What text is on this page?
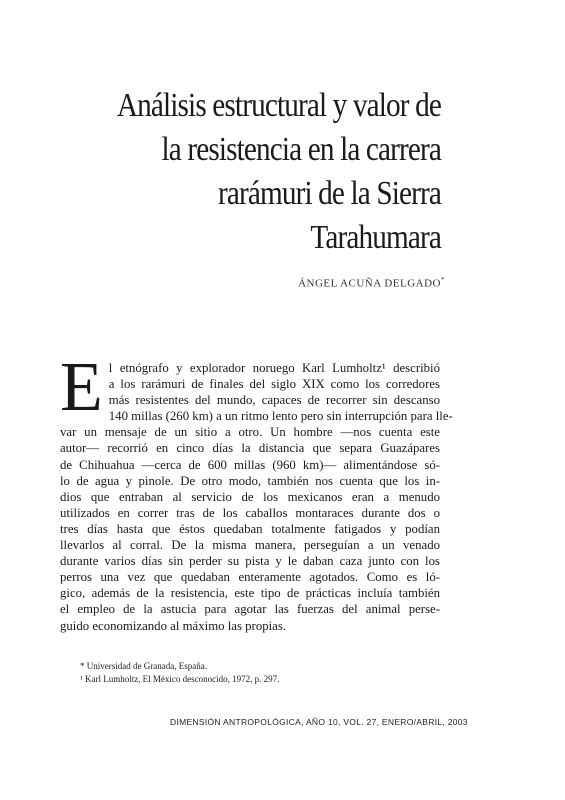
Análisis estructural y valor de
la resistencia en la carrera
rarámuri de la Sierra
Tarahumara
ÁNGEL ACUÑA DELGADO*
E l etnógrafo y explorador noruego Karl Lumholtz¹ describió
a los rarámuri de finales del siglo XIX como los corredores
más resistentes del mundo, capaces de recorrer sin descanso
140 millas (260 km) a un ritmo lento pero sin interrupción para lle-
var un mensaje de un sitio a otro. Un hombre —nos cuenta este
autor— recorrió en cinco días la distancia que separa Guazápares
de Chihuahua —cerca de 600 millas (960 km)— alimentándose só-
lo de agua y pinole. De otro modo, también nos cuenta que los in-
dios que entraban al servicio de los mexicanos eran a menudo
utilizados en correr tras de los caballos montaraces durante dos o
tres días hasta que éstos quedaban totalmente fatigados y podían
llevarlos al corral. De la misma manera, perseguían a un venado
durante varios días sin perder su pista y le daban caza junto con los
perros una vez que quedaban enteramente agotados. Como es ló-
gico, además de la resistencia, este tipo de prácticas incluía también
el empleo de la astucia para agotar las fuerzas del animal perse-
guido economizando al máximo las propias.
* Universidad de Granada, España.
¹ Karl Lumholtz, El México desconocido, 1972, p. 297.
DIMENSIÓN ANTROPOLÓGICA, AÑO 10, VOL. 27, ENERO/ABRIL, 2003
